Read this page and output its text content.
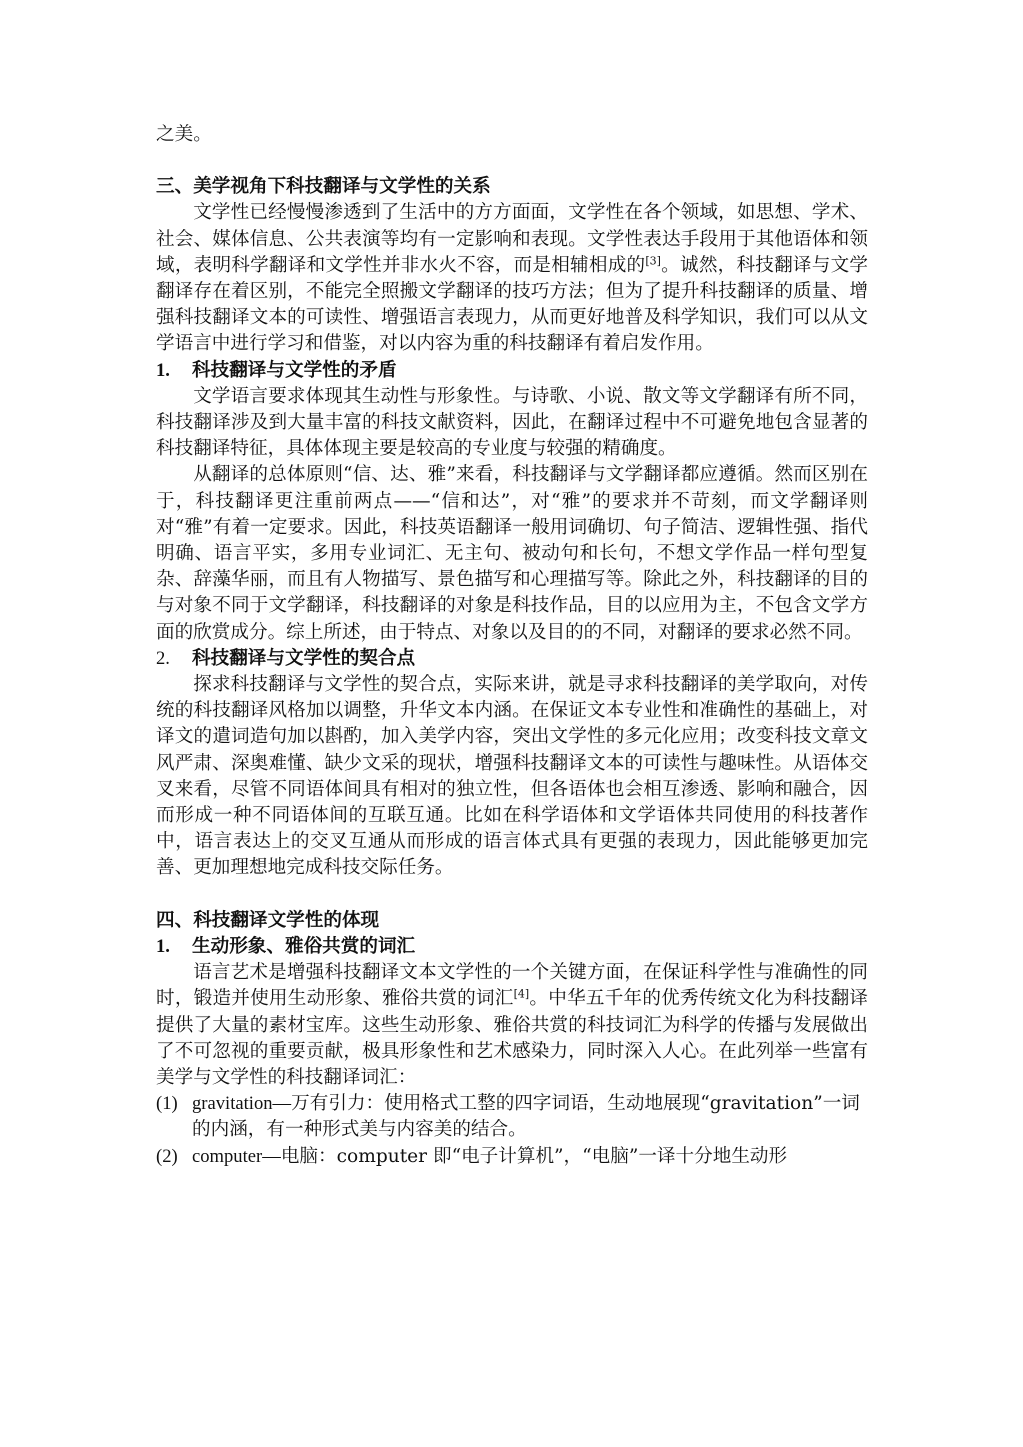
之美。

三、美学视角下科技翻译与文学性的关系

文学性已经慢慢渗透到了生活中的方方面面，文学性在各个领域，如思想、学术、社会、媒体信息、公共表演等均有一定影响和表现。文学性表达手段用于其他语体和领域，表明科学翻译和文学性并非水火不容，而是相辅相成的[3]。诚然，科技翻译与文学翻译存在着区别，不能完全照搬文学翻译的技巧方法；但为了提升科技翻译的质量、增强科技翻译文本的可读性、增强语言表现力，从而更好地普及科学知识，我们可以从文学语言中进行学习和借鉴，对以内容为重的科技翻译有着启发作用。

1. 科技翻译与文学性的矛盾

文学语言要求体现其生动性与形象性。与诗歌、小说、散文等文学翻译有所不同，科技翻译涉及到大量丰富的科技文献资料，因此，在翻译过程中不可避免地包含显著的科技翻译特征，具体体现主要是较高的专业度与较强的精确度。

从翻译的总体原则“信、达、雅”来看，科技翻译与文学翻译都应遵循。然而区别在于，科技翻译更注重前两点——“信和达”，对“雅”的要求并不苛刻，而文学翻译则对“雅”有着一定要求。因此，科技英语翻译一般用词确切、句子简洁、逻辑性强、指代明确、语言平实，多用专业词汇、无主句、被动句和长句，不想文学作品一样句型复杂、辞藻华丽，而且有人物描写、景色描写和心理描写等。除此之外，科技翻译的目的与对象不同于文学翻译，科技翻译的对象是科技作品，目的以应用为主，不包含文学方面的欣赏成分。综上所述，由于特点、对象以及目的的不同，对翻译的要求必然不同。

2. 科技翻译与文学性的契合点

探求科技翻译与文学性的契合点，实际来讲，就是寻求科技翻译的美学取向，对传统的科技翻译风格加以调整，升华文本内涵。在保证文本专业性和准确性的基础上，对译文的遣词造句加以斟酌，加入美学内容，突出文学性的多元化应用；改变科技文章文风严肃、深奥难懂、缺少文采的现状，增强科技翻译文本的可读性与趣味性。从语体交叉来看，尽管不同语体间具有相对的独立性，但各语体也会相互渗透、影响和融合，因而形成一种不同语体间的互联互通。比如在科学语体和文学语体共同使用的科技著作中，语言表达上的交叉互通从而形成的语言体式具有更强的表现力，因此能够更加完善、更加理想地完成科技交际任务。

四、科技翻译文学性的体现
1. 生动形象、雅俗共赏的词汇

语言艺术是增强科技翻译文本文学性的一个关键方面，在保证科学性与准确性的同时，锻造并使用生动形象、雅俗共赏的词汇[4]。中华五千年的优秀传统文化为科技翻译提供了大量的素材宝库。这些生动形象、雅俗共赏的科技词汇为科学的传播与发展做出了不可忽视的重要贡献，极具形象性和艺术感染力，同时深入人心。在此列举一些富有美学与文学性的科技翻译词汇：

(1) gravitation—万有引力：使用格式工整的四字词语，生动地展现“gravitation”一词的内涵，有一种形式美与内容美的结合。
(2) computer—电脑：computer 即“电子计算机”，“电脑”一译十分地生动形
